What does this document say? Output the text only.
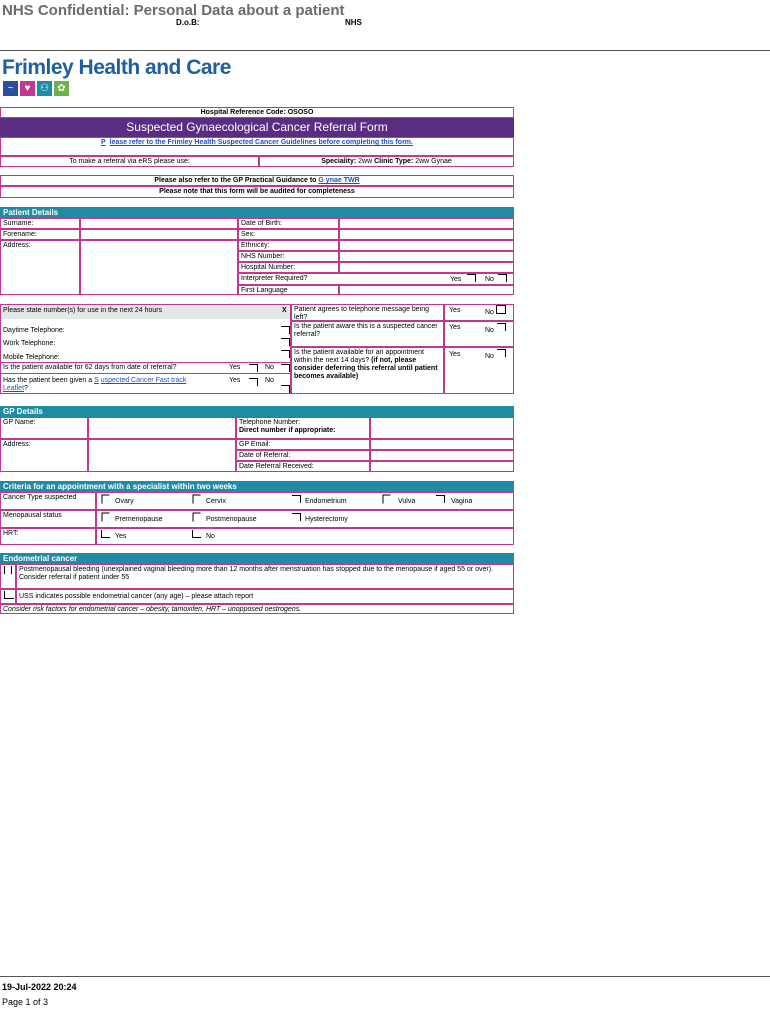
NHS Confidential: Personal Data about a patient
D.o.B:	NHS
Frimley Health and Care
~	♥ ⚇ ✿
Hospital Reference Code: OSOSO
Suspected Gynaecological Cancer Referral Form
P lease refer to the Frimley Health Suspected Cancer Guidelines before completing this form.
To make a referral via eRS please use:	Speciality: 2ww Clinic Type: 2ww Gynae
Please also refer to the GP Practical Guidance to G ynae TWR
Please note that this form will be audited for completeness
Patient Details
Surname:
Forename:
Address:
Date of Birth:
Sex:
Ethnicity:
NHS Number:
Hospital Number:
Interpreter Required?	Yes	No
First Language
Please state number(s) for use in the next 24 hours	X
Daytime Telephone:
Work Telephone:
Mobile Telephone:
Is the patient available for 62 days from date of referral?	Yes	No
Has the patient been given a S uspected Cancer Fast track Leaflet?
Yes	No
Patient agrees to telephone message being left?
Yes	No
Is the patient aware this is a suspected cancer referral?
Yes	No
Is the patient available for an appointment within the next 14 days? (if not, please consider deferring this referral until patient becomes available)
Yes	No
GP Details
GP Name:	Telephone Number:
Direct number if appropriate:
Address:	GP Email:
Date of Referral:
Date Referral Received:
Criteria for an appointment with a specialist within two weeks
Cancer Type suspected
Ovary	Cervix	Endometrium	Vulva	Vagina
Menopausal status
Premenopause	Postmenopause	Hysterectomy
HRT:	Yes	No
Endometrial cancer
Postmenopausal bleeding (unexplained vaginal bleeding more than 12 months after menstruation has stopped due to the menopause if aged 55 or over). Consider referral if patient under 55
USS indicates possible endometrial cancer (any age) – please attach report
Consider risk factors for endometrial cancer – obesity, tamoxifen, HRT – unopposed oestrogens.
19-Jul-2022 20:24
Page 1 of 3
